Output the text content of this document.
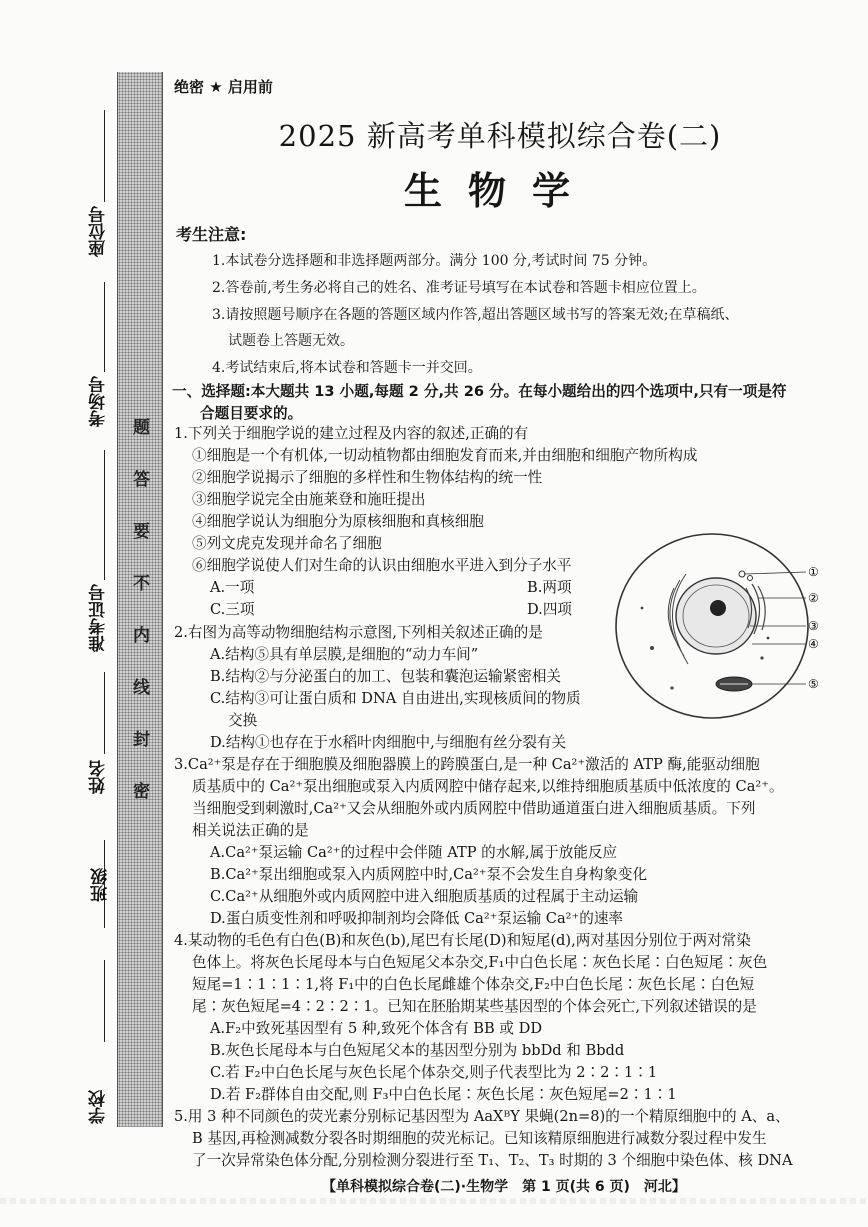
题
答
要
不
内
线
封
密
座位号
考场号
准考证号
姓名
班级
学校
绝密 ★ 启用前
2025 新高考单科模拟综合卷(二)
生物学
考生注意:
1.本试卷分选择题和非选择题两部分。满分 100 分,考试时间 75 分钟。
2.答卷前,考生务必将自己的姓名、准考证号填写在本试卷和答题卡相应位置上。
3.请按照题号顺序在各题的答题区域内作答,超出答题区域书写的答案无效;在草稿纸、
试题卷上答题无效。
4.考试结束后,将本试卷和答题卡一并交回。
一、选择题:本大题共 13 小题,每题 2 分,共 26 分。在每小题给出的四个选项中,只有一项是符
合题目要求的。
1.下列关于细胞学说的建立过程及内容的叙述,正确的有
①细胞是一个有机体,一切动植物都由细胞发育而来,并由细胞和细胞产物所构成
②细胞学说揭示了细胞的多样性和生物体结构的统一性
③细胞学说完全由施莱登和施旺提出
④细胞学说认为细胞分为原核细胞和真核细胞
⑤列文虎克发现并命名了细胞
⑥细胞学说使人们对生命的认识由细胞水平进入到分子水平
A.一项	B.两项
C.三项	D.四项
2.右图为高等动物细胞结构示意图,下列相关叙述正确的是
A.结构⑤具有单层膜,是细胞的“动力车间”
B.结构②与分泌蛋白的加工、包装和囊泡运输紧密相关
C.结构③可让蛋白质和 DNA 自由进出,实现核质间的物质
交换
D.结构①也存在于水稻叶肉细胞中,与细胞有丝分裂有关
①
②
③
④
⑤
3.Ca²⁺泵是存在于细胞膜及细胞器膜上的跨膜蛋白,是一种 Ca²⁺激活的 ATP 酶,能驱动细胞
质基质中的 Ca²⁺泵出细胞或泵入内质网腔中储存起来,以维持细胞质基质中低浓度的 Ca²⁺。
当细胞受到刺激时,Ca²⁺又会从细胞外或内质网腔中借助通道蛋白进入细胞质基质。下列
相关说法正确的是
A.Ca²⁺泵运输 Ca²⁺的过程中会伴随 ATP 的水解,属于放能反应
B.Ca²⁺泵出细胞或泵入内质网腔中时,Ca²⁺泵不会发生自身构象变化
C.Ca²⁺从细胞外或内质网腔中进入细胞质基质的过程属于主动运输
D.蛋白质变性剂和呼吸抑制剂均会降低 Ca²⁺泵运输 Ca²⁺的速率
4.某动物的毛色有白色(B)和灰色(b),尾巴有长尾(D)和短尾(d),两对基因分别位于两对常染
色体上。将灰色长尾母本与白色短尾父本杂交,F₁中白色长尾∶灰色长尾∶白色短尾∶灰色
短尾=1∶1∶1∶1,将 F₁中的白色长尾雌雄个体杂交,F₂中白色长尾∶灰色长尾∶白色短
尾∶灰色短尾=4∶2∶2∶1。已知在胚胎期某些基因型的个体会死亡,下列叙述错误的是
A.F₂中致死基因型有 5 种,致死个体含有 BB 或 DD
B.灰色长尾母本与白色短尾父本的基因型分别为 bbDd 和 Bbdd
C.若 F₂中白色长尾与灰色长尾个体杂交,则子代表型比为 2∶2∶1∶1
D.若 F₂群体自由交配,则 F₃中白色长尾∶灰色长尾∶灰色短尾=2∶1∶1
5.用 3 种不同颜色的荧光素分别标记基因型为 AaXᴮY 果蝇(2n=8)的一个精原细胞中的 A、a、
B 基因,再检测减数分裂各时期细胞的荧光标记。已知该精原细胞进行减数分裂过程中发生
了一次异常染色体分配,分别检测分裂进行至 T₁、T₂、T₃ 时期的 3 个细胞中染色体、核 DNA
【单科模拟综合卷(二)·生物学　第 1 页(共 6 页)　河北】
